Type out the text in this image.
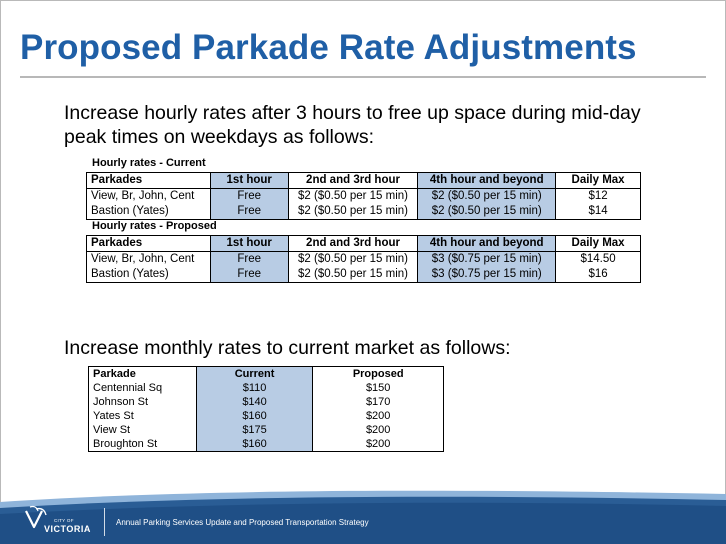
Proposed Parkade Rate Adjustments
Increase hourly rates after 3 hours to free up space during mid-day peak times on weekdays as follows:
Hourly rates - Current
Parkades	1st hour	2nd and 3rd hour	4th hour and beyond	Daily Max
View, Br, John, Cent	Free	$2 ($0.50 per 15 min)	$2 ($0.50 per 15 min)	$12
Bastion (Yates)	Free	$2 ($0.50 per 15 min)	$2 ($0.50 per 15 min)	$14
Hourly rates - Proposed
Parkades	1st hour	2nd and 3rd hour	4th hour and beyond	Daily Max
View, Br, John, Cent	Free	$2 ($0.50 per 15 min)	$3 ($0.75 per 15 min)	$14.50
Bastion (Yates)	Free	$2 ($0.50 per 15 min)	$3 ($0.75 per 15 min)	$16
Increase monthly rates to current market as follows:
Parkade	Current	Proposed
Centennial Sq	$110	$150
Johnson St	$140	$170
Yates St	$160	$200
View St	$175	$200
Broughton St	$160	$200
CITY OF
VICTORIA
Annual Parking Services Update and Proposed Transportation Strategy
